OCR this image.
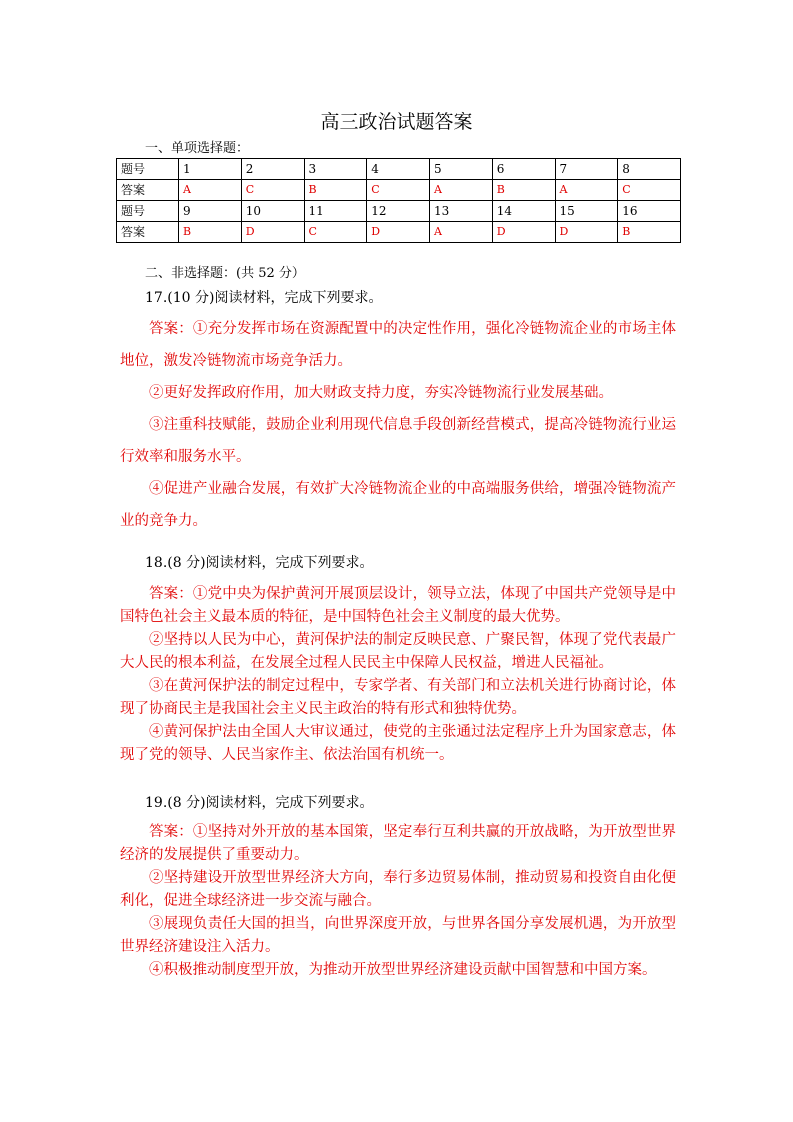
高三政治试题答案
一、单项选择题：
题号	1	2	3	4	5	6	7	8
答案	A	C	B	C	A	B	A	C
题号	9	10	11	12	13	14	15	16
答案	B	D	C	D	A	D	D	B
二、非选择题：(共 52 分）
17.(10 分)阅读材料，完成下列要求。

答案：①充分发挥市场在资源配置中的决定性作用，强化冷链物流企业的市场主体地位，激发冷链物流市场竞争活力。

②更好发挥政府作用，加大财政支持力度，夯实冷链物流行业发展基础。

③注重科技赋能，鼓励企业利用现代信息手段创新经营模式，提高冷链物流行业运行效率和服务水平。

④促进产业融合发展，有效扩大冷链物流企业的中高端服务供给，增强冷链物流产业的竞争力。

18.(8 分)阅读材料，完成下列要求。

答案：①党中央为保护黄河开展顶层设计，领导立法，体现了中国共产党领导是中国特色社会主义最本质的特征，是中国特色社会主义制度的最大优势。

②坚持以人民为中心，黄河保护法的制定反映民意、广聚民智，体现了党代表最广大人民的根本利益，在发展全过程人民民主中保障人民权益，增进人民福祉。

③在黄河保护法的制定过程中，专家学者、有关部门和立法机关进行协商讨论，体现了协商民主是我国社会主义民主政治的特有形式和独特优势。

④黄河保护法由全国人大审议通过，使党的主张通过法定程序上升为国家意志，体现了党的领导、人民当家作主、依法治国有机统一。

19.(8 分)阅读材料，完成下列要求。

答案：①坚持对外开放的基本国策，坚定奉行互利共赢的开放战略，为开放型世界经济的发展提供了重要动力。

②坚持建设开放型世界经济大方向，奉行多边贸易体制，推动贸易和投资自由化便利化，促进全球经济进一步交流与融合。

③展现负责任大国的担当，向世界深度开放，与世界各国分享发展机遇，为开放型世界经济建设注入活力。

④积极推动制度型开放，为推动开放型世界经济建设贡献中国智慧和中国方案。
